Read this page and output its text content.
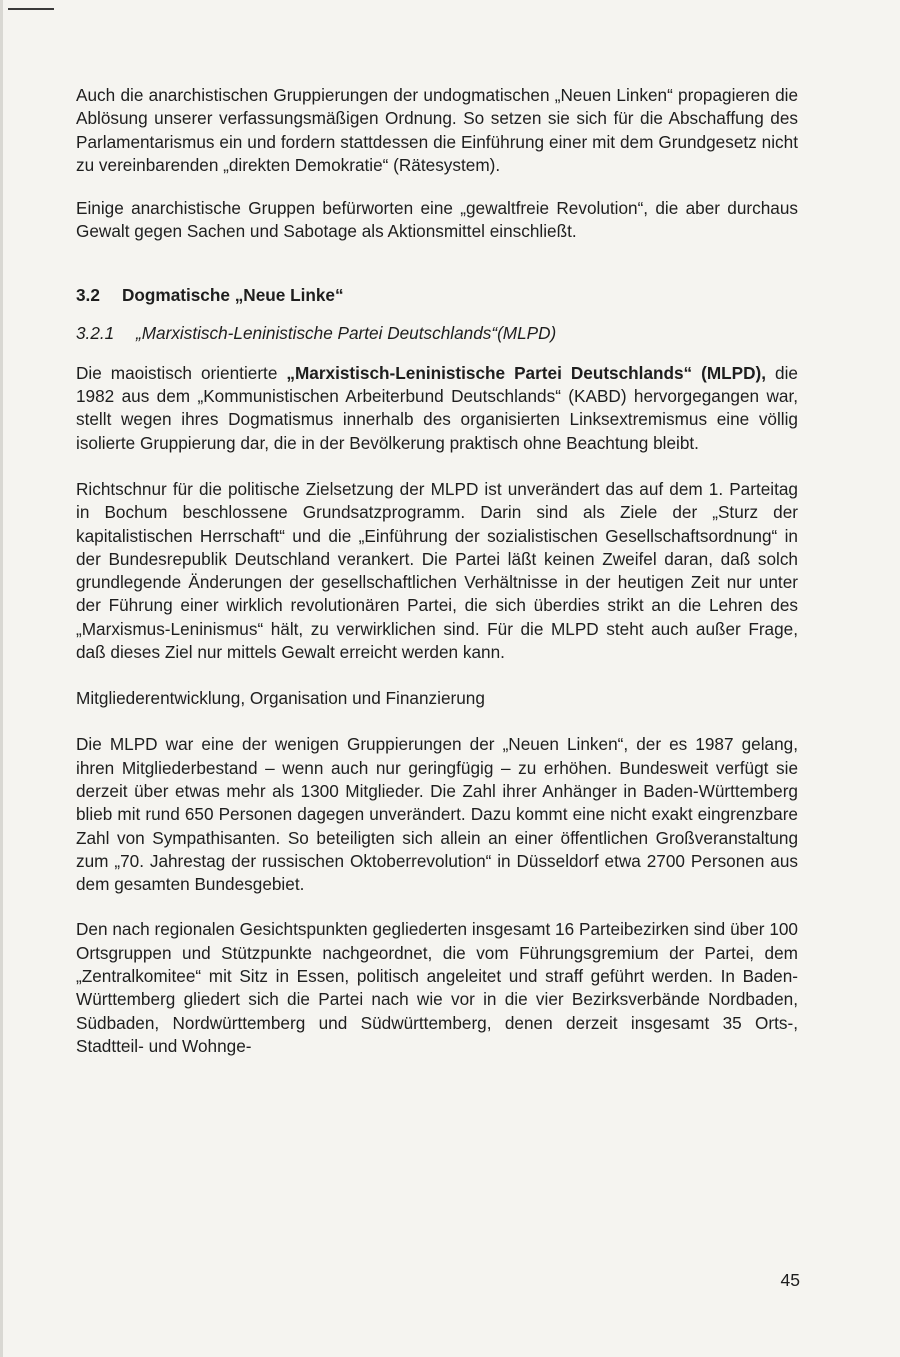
Auch die anarchistischen Gruppierungen der undogmatischen „Neuen Linken“ propagieren die Ablösung unserer verfassungsmäßigen Ordnung. So setzen sie sich für die Abschaffung des Parlamentarismus ein und fordern stattdessen die Einführung einer mit dem Grundgesetz nicht zu vereinbarenden „direkten Demokratie“ (Rätesystem).

Einige anarchistische Gruppen befürworten eine „gewaltfreie Revolution“, die aber durchaus Gewalt gegen Sachen und Sabotage als Aktionsmittel einschließt.

3.2 Dogmatische „Neue Linke“
3.2.1 „Marxistisch-Leninistische Partei Deutschlands“(MLPD)

Die maoistisch orientierte „Marxistisch-Leninistische Partei Deutschlands“ (MLPD), die 1982 aus dem „Kommunistischen Arbeiterbund Deutschlands“ (KABD) hervorgegangen war, stellt wegen ihres Dogmatismus innerhalb des organisierten Linksextremismus eine völlig isolierte Gruppierung dar, die in der Bevölkerung praktisch ohne Beachtung bleibt.

Richtschnur für die politische Zielsetzung der MLPD ist unverändert das auf dem 1. Parteitag in Bochum beschlossene Grundsatzprogramm. Darin sind als Ziele der „Sturz der kapitalistischen Herrschaft“ und die „Einführung der sozialistischen Gesellschaftsordnung“ in der Bundesrepublik Deutschland verankert. Die Partei läßt keinen Zweifel daran, daß solch grundlegende Änderungen der gesellschaftlichen Verhältnisse in der heutigen Zeit nur unter der Führung einer wirklich revolutionären Partei, die sich überdies strikt an die Lehren des „Marxismus-Leninismus“ hält, zu verwirklichen sind. Für die MLPD steht auch außer Frage, daß dieses Ziel nur mittels Gewalt erreicht werden kann.

Mitgliederentwicklung, Organisation und Finanzierung

Die MLPD war eine der wenigen Gruppierungen der „Neuen Linken“, der es 1987 gelang, ihren Mitgliederbestand – wenn auch nur geringfügig – zu erhöhen. Bundesweit verfügt sie derzeit über etwas mehr als 1300 Mitglieder. Die Zahl ihrer Anhänger in Baden-Württemberg blieb mit rund 650 Personen dagegen unverändert. Dazu kommt eine nicht exakt eingrenzbare Zahl von Sympathisanten. So beteiligten sich allein an einer öffentlichen Großveranstaltung zum „70. Jahrestag der russischen Oktoberrevolution“ in Düsseldorf etwa 2700 Personen aus dem gesamten Bundesgebiet.

Den nach regionalen Gesichtspunkten gegliederten insgesamt 16 Parteibezirken sind über 100 Ortsgruppen und Stützpunkte nachgeordnet, die vom Führungsgremium der Partei, dem „Zentralkomitee“ mit Sitz in Essen, politisch angeleitet und straff geführt werden. In Baden-Württemberg gliedert sich die Partei nach wie vor in die vier Bezirksverbände Nordbaden, Südbaden, Nordwürttemberg und Südwürttemberg, denen derzeit insgesamt 35 Orts-, Stadtteil- und Wohnge-

45
